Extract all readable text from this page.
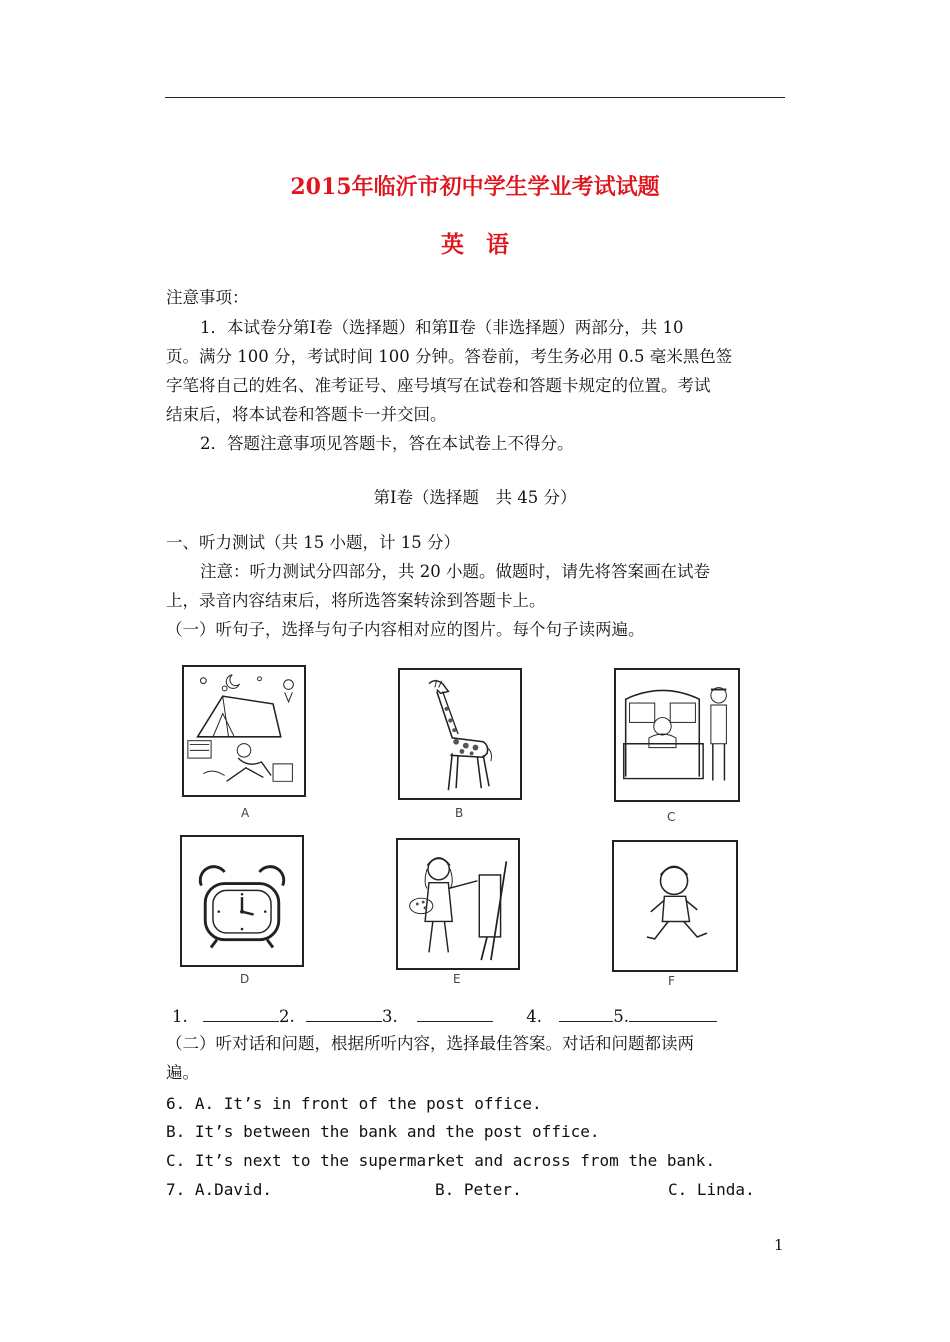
2015年临沂市初中学生学业考试试题
英语
注意事项：
1．本试卷分第Ⅰ卷（选择题）和第Ⅱ卷（非选择题）两部分，共 10
页。满分 100 分，考试时间 100 分钟。答卷前，考生务必用 0.5 毫米黑色签
字笔将自己的姓名、准考证号、座号填写在试卷和答题卡规定的位置。考试
结束后，将本试卷和答题卡一并交回。
2．答题注意事项见答题卡，答在本试卷上不得分。
第Ⅰ卷（选择题　共 45 分）
一、听力测试（共 15 小题，计 15 分）
注意：听力测试分四部分，共 20 小题。做题时，请先将答案画在试卷
上，录音内容结束后，将所选答案转涂到答题卡上。
（一）听句子，选择与句子内容相对应的图片。每个句子读两遍。
A	B	C
D	E	F
1.	2.	3.	4.	5.
（二）听对话和问题，根据所听内容，选择最佳答案。对话和问题都读两
遍。
6. A. It’s in front of the post office.
B. It’s between the bank and the post office.
C. It’s next to the supermarket and across from the bank.
7. A.David.	B. Peter.	C. Linda.
1
